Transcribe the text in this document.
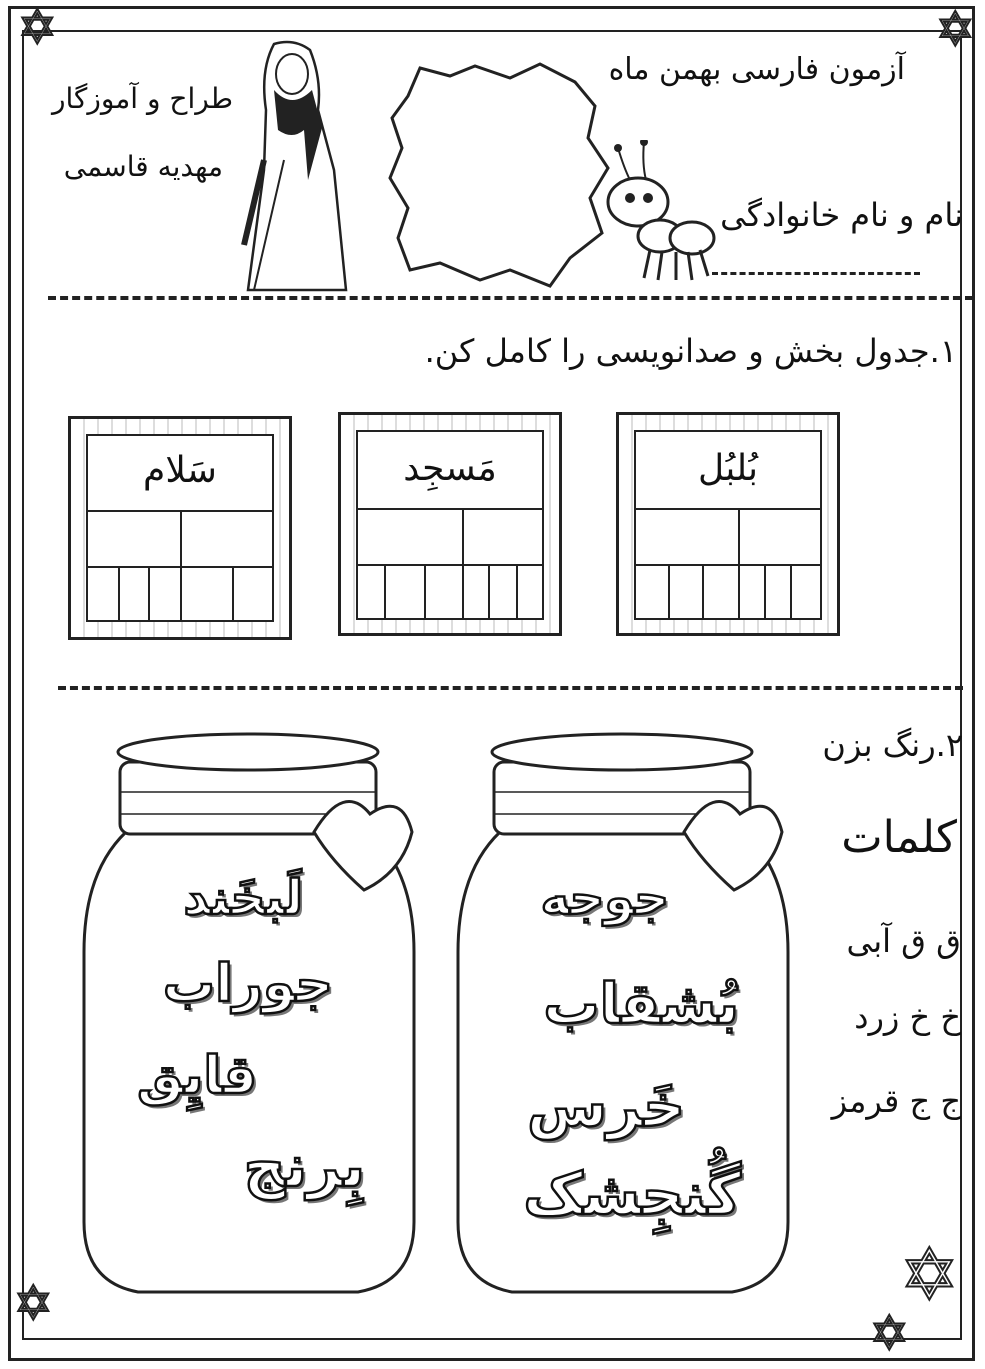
✡	✡
✡	✡
✡
آزمون فارسی بهمن ماه
نام و نام خانوادگی
طراح و آموزگار
مهدیه قاسمی
۱.جدول بخش و صدانویسی را کامل کن.
بُلبُل
مَسجِد
سَلام
۲.رنگ بزن
کلمات
ق ق آبی
خ خ زرد
ج ج قرمز
جوجه
بُشقاب
خَرس
گُنجِشک
لَبخَند
جوراب
قایِق
بِرنج
